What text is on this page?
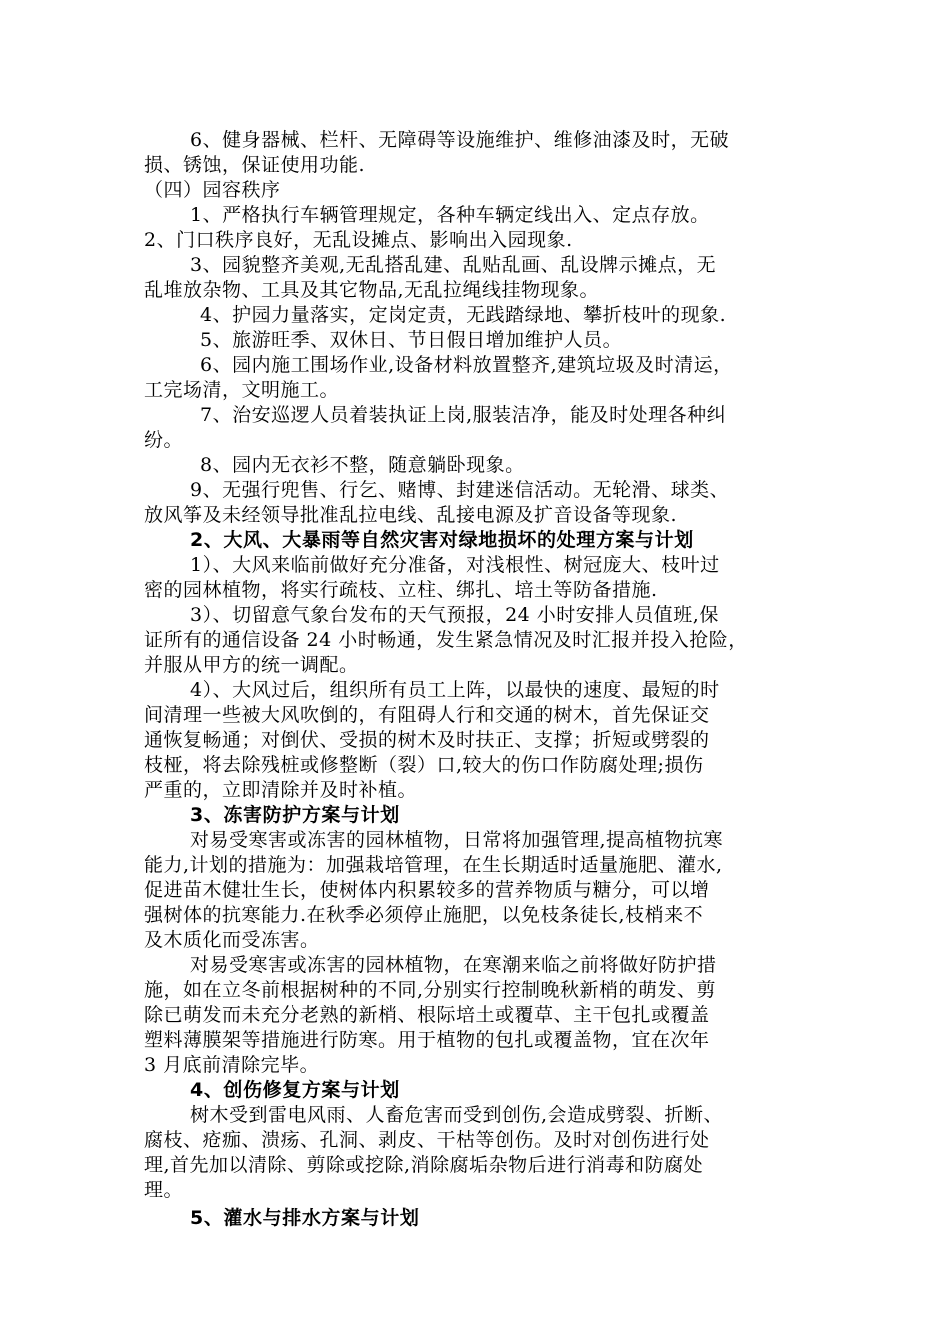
6、健身器械、栏杆、无障碍等设施维护、维修油漆及时，无破
损、锈蚀，保证使用功能.
（四）园容秩序
1、严格执行车辆管理规定，各种车辆定线出入、定点存放。
2、门口秩序良好，无乱设摊点、影响出入园现象.
3、园貌整齐美观,无乱搭乱建、乱贴乱画、乱设牌示摊点，无
乱堆放杂物、工具及其它物品,无乱拉绳线挂物现象。
4、护园力量落实，定岗定责，无践踏绿地、攀折枝叶的现象.
5、旅游旺季、双休日、节日假日增加维护人员。
6、园内施工围场作业,设备材料放置整齐,建筑垃圾及时清运，
工完场清，文明施工。
7、治安巡逻人员着装执证上岗,服装洁净，能及时处理各种纠
纷。
8、园内无衣衫不整，随意躺卧现象。
9、无强行兜售、行乞、赌博、封建迷信活动。无轮滑、球类、
放风筝及未经领导批准乱拉电线、乱接电源及扩音设备等现象.
2、大风、大暴雨等自然灾害对绿地损坏的处理方案与计划
1）、大风来临前做好充分准备，对浅根性、树冠庞大、枝叶过
密的园林植物，将实行疏枝、立柱、绑扎、培土等防备措施.
3）、切留意气象台发布的天气预报，24 小时安排人员值班,保
证所有的通信设备 24 小时畅通，发生紧急情况及时汇报并投入抢险，
并服从甲方的统一调配。
4）、大风过后，组织所有员工上阵，以最快的速度、最短的时
间清理一些被大风吹倒的，有阻碍人行和交通的树木，首先保证交
通恢复畅通；对倒伏、受损的树木及时扶正、支撑；折短或劈裂的
枝桠，将去除残桩或修整断（裂）口,较大的伤口作防腐处理;损伤
严重的，立即清除并及时补植。
3、冻害防护方案与计划
对易受寒害或冻害的园林植物，日常将加强管理,提高植物抗寒
能力,计划的措施为：加强栽培管理，在生长期适时适量施肥、灌水,
促进苗木健壮生长，使树体内积累较多的营养物质与糖分，可以增
强树体的抗寒能力.在秋季必须停止施肥，以免枝条徒长,枝梢来不
及木质化而受冻害。
对易受寒害或冻害的园林植物，在寒潮来临之前将做好防护措
施，如在立冬前根据树种的不同,分别实行控制晚秋新梢的萌发、剪
除已萌发而未充分老熟的新梢、根际培土或覆草、主干包扎或覆盖
塑料薄膜架等措施进行防寒。用于植物的包扎或覆盖物，宜在次年
3 月底前清除完毕。
4、创伤修复方案与计划
树木受到雷电风雨、人畜危害而受到创伤,会造成劈裂、折断、
腐枝、疮痂、溃疡、孔洞、剥皮、干枯等创伤。及时对创伤进行处
理,首先加以清除、剪除或挖除,消除腐垢杂物后进行消毒和防腐处
理。
5、灌水与排水方案与计划
